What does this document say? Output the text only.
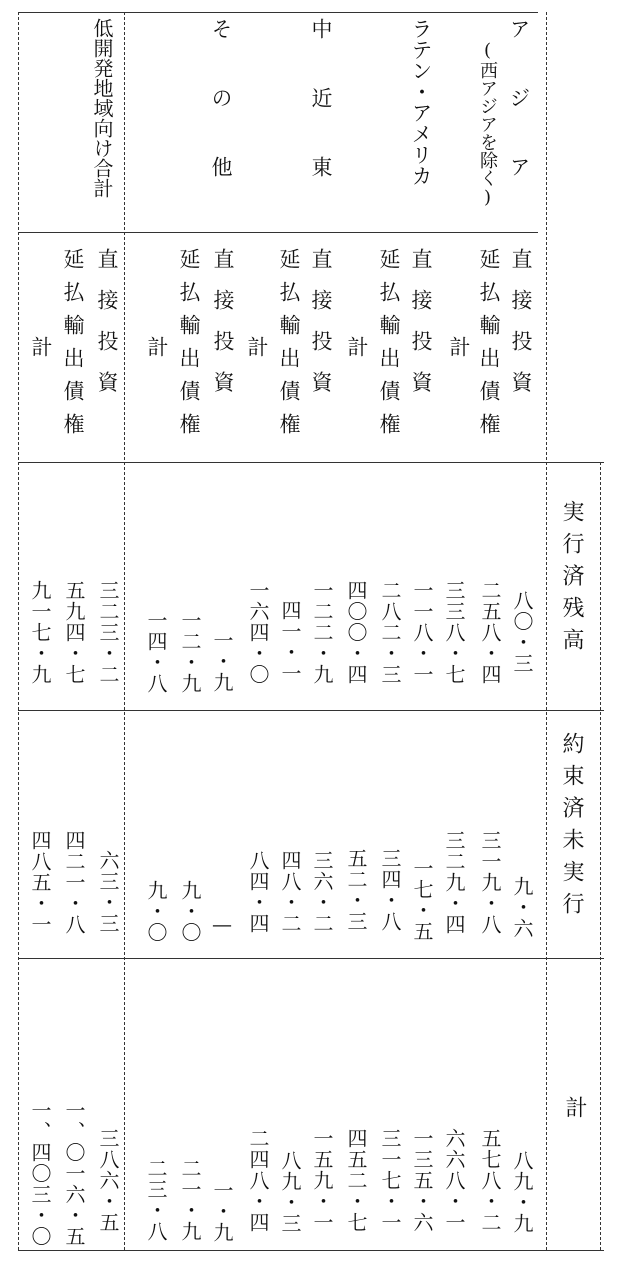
実行済残高
約束済未実行
計
アジア
(西アジアを除く)
ラテン・アメリカ
中近東
その他
低開発地域向け合計
直接投資
延払輸出債権
計
直接投資
延払輸出債権
計
直接投資
延払輸出債権
計
直接投資
延払輸出債権
計
直接投資
延払輸出債権
計
八〇・三
九・六
八九・九
二五八・四
三一九・八
五七八・二
三三八・七
三二九・四
六六八・一
一一八・一
一七・五
一三五・六
二八二・三
三四・八
三一七・一
四〇〇・四
五二・三
四五二・七
一二二・九
三六・二
一五九・一
四一・一
四八・二
八九・三
一六四・〇
八四・四
二四八・四
一・九
—
一・九
一二・九
九・〇
二一・九
一四・八
九・〇
二三・八
三二三・二
六三・三
三八六・五
五九四・七
四二一・八
一、〇一六・五
九一七・九
四八五・一
一、四〇三・〇
